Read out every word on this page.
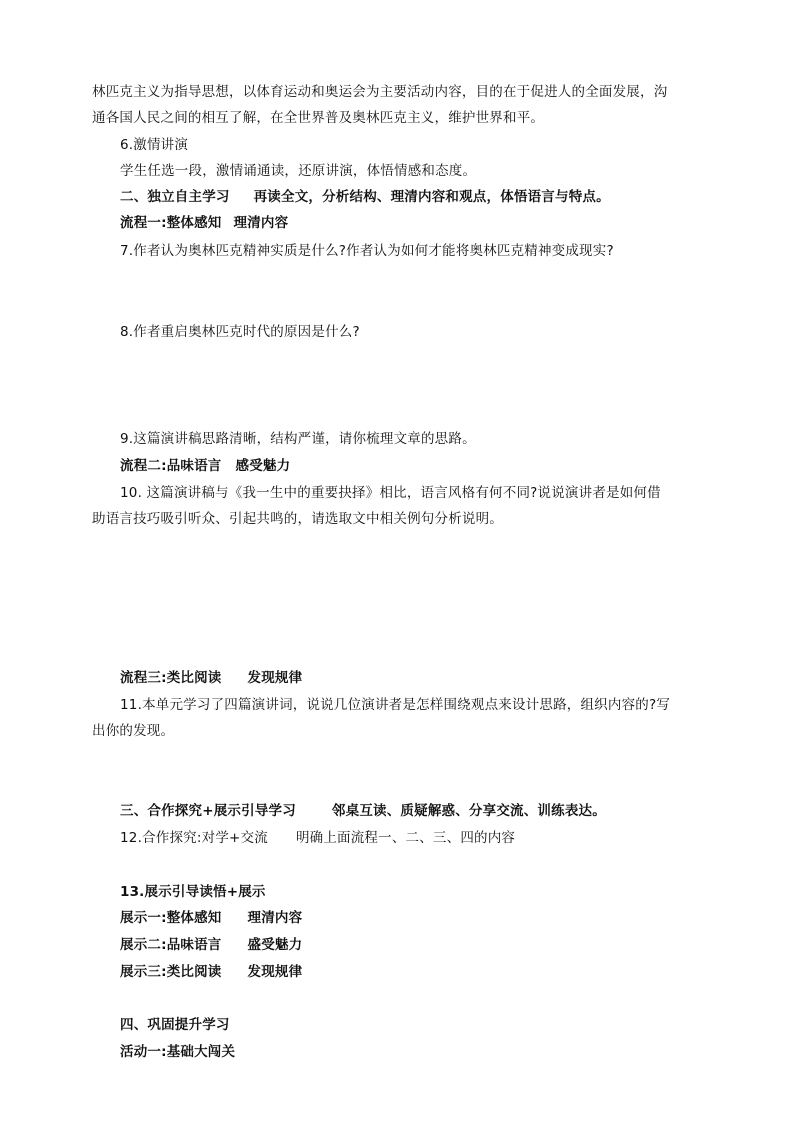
林匹克主义为指导思想，以体育运动和奥运会为主要活动内容，目的在于促进人的全面发展，沟
通各国人民之间的相互了解，在全世界普及奥林匹克主义，维护世界和平。
6.激情讲演
学生任选一段，激情诵通读，还原讲演，体悟情感和态度。
二、独立自主学习 再读全文，分析结构、理清内容和观点，体悟语言与特点。
流程一:整体感知 理清内容
7.作者认为奥林匹克精神实质是什么?作者认为如何才能将奥林匹克精神变成现实?
8.作者重启奥林匹克时代的原因是什么?
9.这篇演讲稿思路清晰，结构严谨，请你梳理文章的思路。
流程二:品味语言 感受魅力
10. 这篇演讲稿与《我一生中的重要抉择》相比，语言风格有何不同?说说演讲者是如何借
助语言技巧吸引听众、引起共鸣的，请选取文中相关例句分析说明。
流程三:类比阅读 发现规律
11.本单元学习了四篇演讲词，说说几位演讲者是怎样围绕观点来设计思路，组织内容的?写
出你的发现。
三、合作探究+展示引导学习	邻桌互读、质疑解惑、分享交流、训练表达。
12.合作探究:对学+交流 明确上面流程一、二、三、四的内容
13.展示引导读悟+展示
展示一:整体感知 理清内容
展示二:品味语言 盛受魅力
展示三:类比阅读 发现规律
四、巩固提升学习
活动一:基础大闯关
